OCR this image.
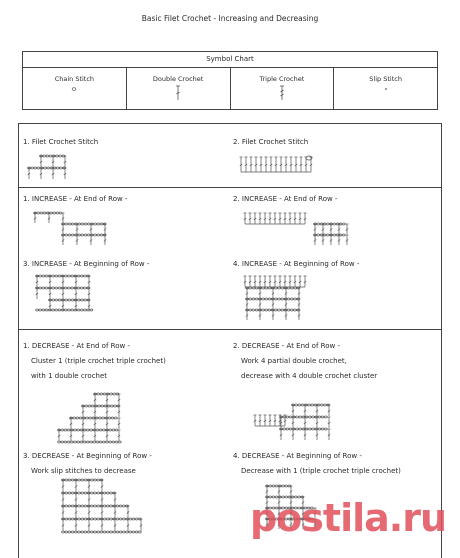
Basic Filet Crochet - Increasing and Decreasing
Symbol Chart
Chain Stitch	Double Crochet	Triple Crochet	Slip Stitch
1. Filet Crochet Stitch	2. Filet Crochet Stitch
1. INCREASE - At End of Row -	2. INCREASE - At End of Row -
3. INCREASE - At Beginning of Row -	4. INCREASE - At Beginning of Row -
1. DECREASE - At End of Row -
Cluster 1 (triple crochet triple crochet)
with 1 double crochet
2. DECREASE - At End of Row -
Work 4 partial double crochet,
decrease with 4 double crochet cluster
3. DECREASE - At Beginning of Row -
Work slip stitches to decrease
4. DECREASE - At Beginning of Row -
Decrease with 1 (triple crochet triple crochet)
postila.ru
